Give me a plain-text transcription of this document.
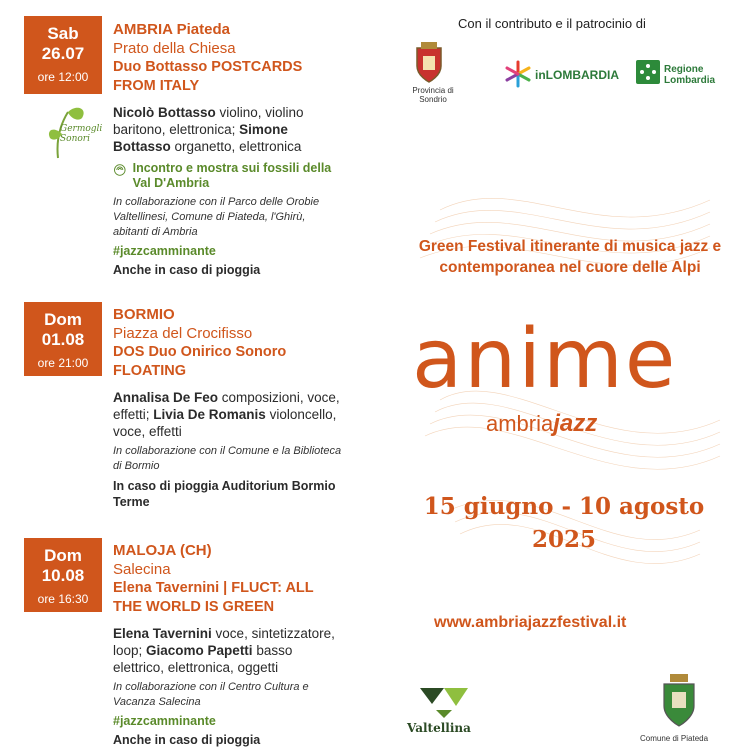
Sab
26.07
ore 12:00
AMBRIA Piateda
Prato della Chiesa
Duo Bottasso POSTCARDS FROM ITALY
Nicolò Bottasso violino, violino baritono, elettronica; Simone Bottasso organetto, elettronica
Incontro e mostra sui fossili della Val D'Ambria
In collaborazione con il Parco delle Orobie Valtellinesi, Comune di Piateda, l'Ghirù, abitanti di Ambria
#jazzcamminante
Anche in caso di pioggia
Germogli Sonori
Dom
01.08
ore 21:00
BORMIO
Piazza del Crocifisso
DOS Duo Onirico Sonoro FLOATING
Annalisa De Feo composizioni, voce, effetti; Livia De Romanis violoncello, voce, effetti
In collaborazione con il Comune e la Biblioteca di Bormio
In caso di pioggia Auditorium Bormio Terme
Dom
10.08
ore 16:30
MALOJA (CH)
Salecina
Elena Tavernini | FLUCT: ALL THE WORLD IS GREEN
Elena Tavernini voce, sintetizzatore, loop; Giacomo Papetti basso elettrico, elettronica, oggetti
In collaborazione con il Centro Cultura e Vacanza Salecina
#jazzcamminante
Anche in caso di pioggia
Con il contributo e il patrocinio di
Provincia di Sondrio
inLOMBARDIA	Regione Lombardia
Green Festival itinerante di musica jazz e contemporanea nel cuore delle Alpi
anime
ambriajazz
15 giugno - 10 agosto 2025
www.ambriajazzfestival.it
Valtellina
Comune di Piateda
